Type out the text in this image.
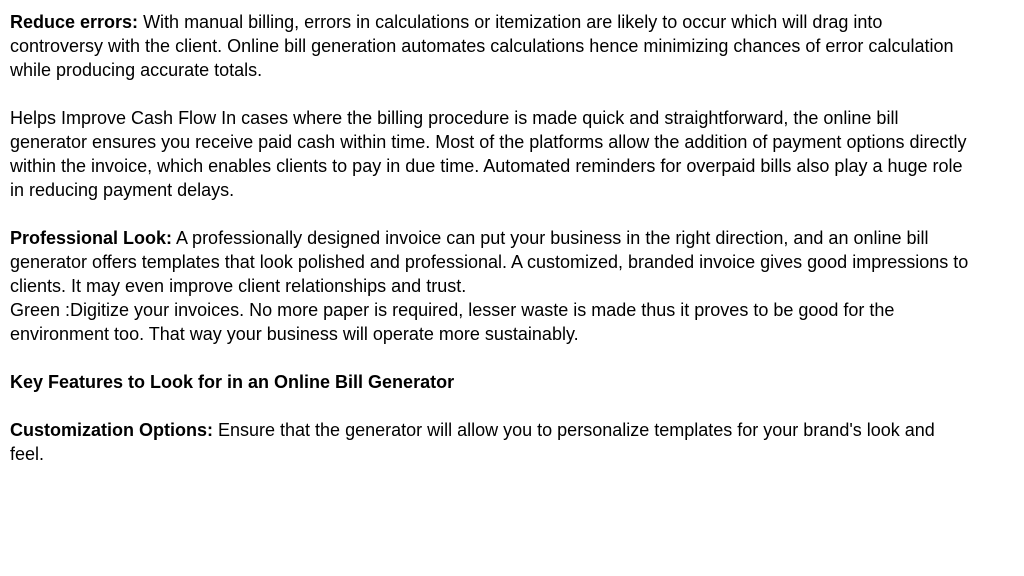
Reduce errors: With manual billing, errors in calculations or itemization are likely to occur which will drag into controversy with the client. Online bill generation automates calculations hence minimizing chances of error calculation while producing accurate totals.

Helps Improve Cash Flow In cases where the billing procedure is made quick and straightforward, the online bill generator ensures you receive paid cash within time. Most of the platforms allow the addition of payment options directly within the invoice, which enables clients to pay in due time. Automated reminders for overpaid bills also play a huge role in reducing payment delays.

Professional Look: A professionally designed invoice can put your business in the right direction, and an online bill generator offers templates that look polished and professional. A customized, branded invoice gives good impressions to clients. It may even improve client relationships and trust.

Green :Digitize your invoices. No more paper is required, lesser waste is made thus it proves to be good for the environment too. That way your business will operate more sustainably.

Key Features to Look for in an Online Bill Generator

Customization Options: Ensure that the generator will allow you to personalize templates for your brand's look and feel.
